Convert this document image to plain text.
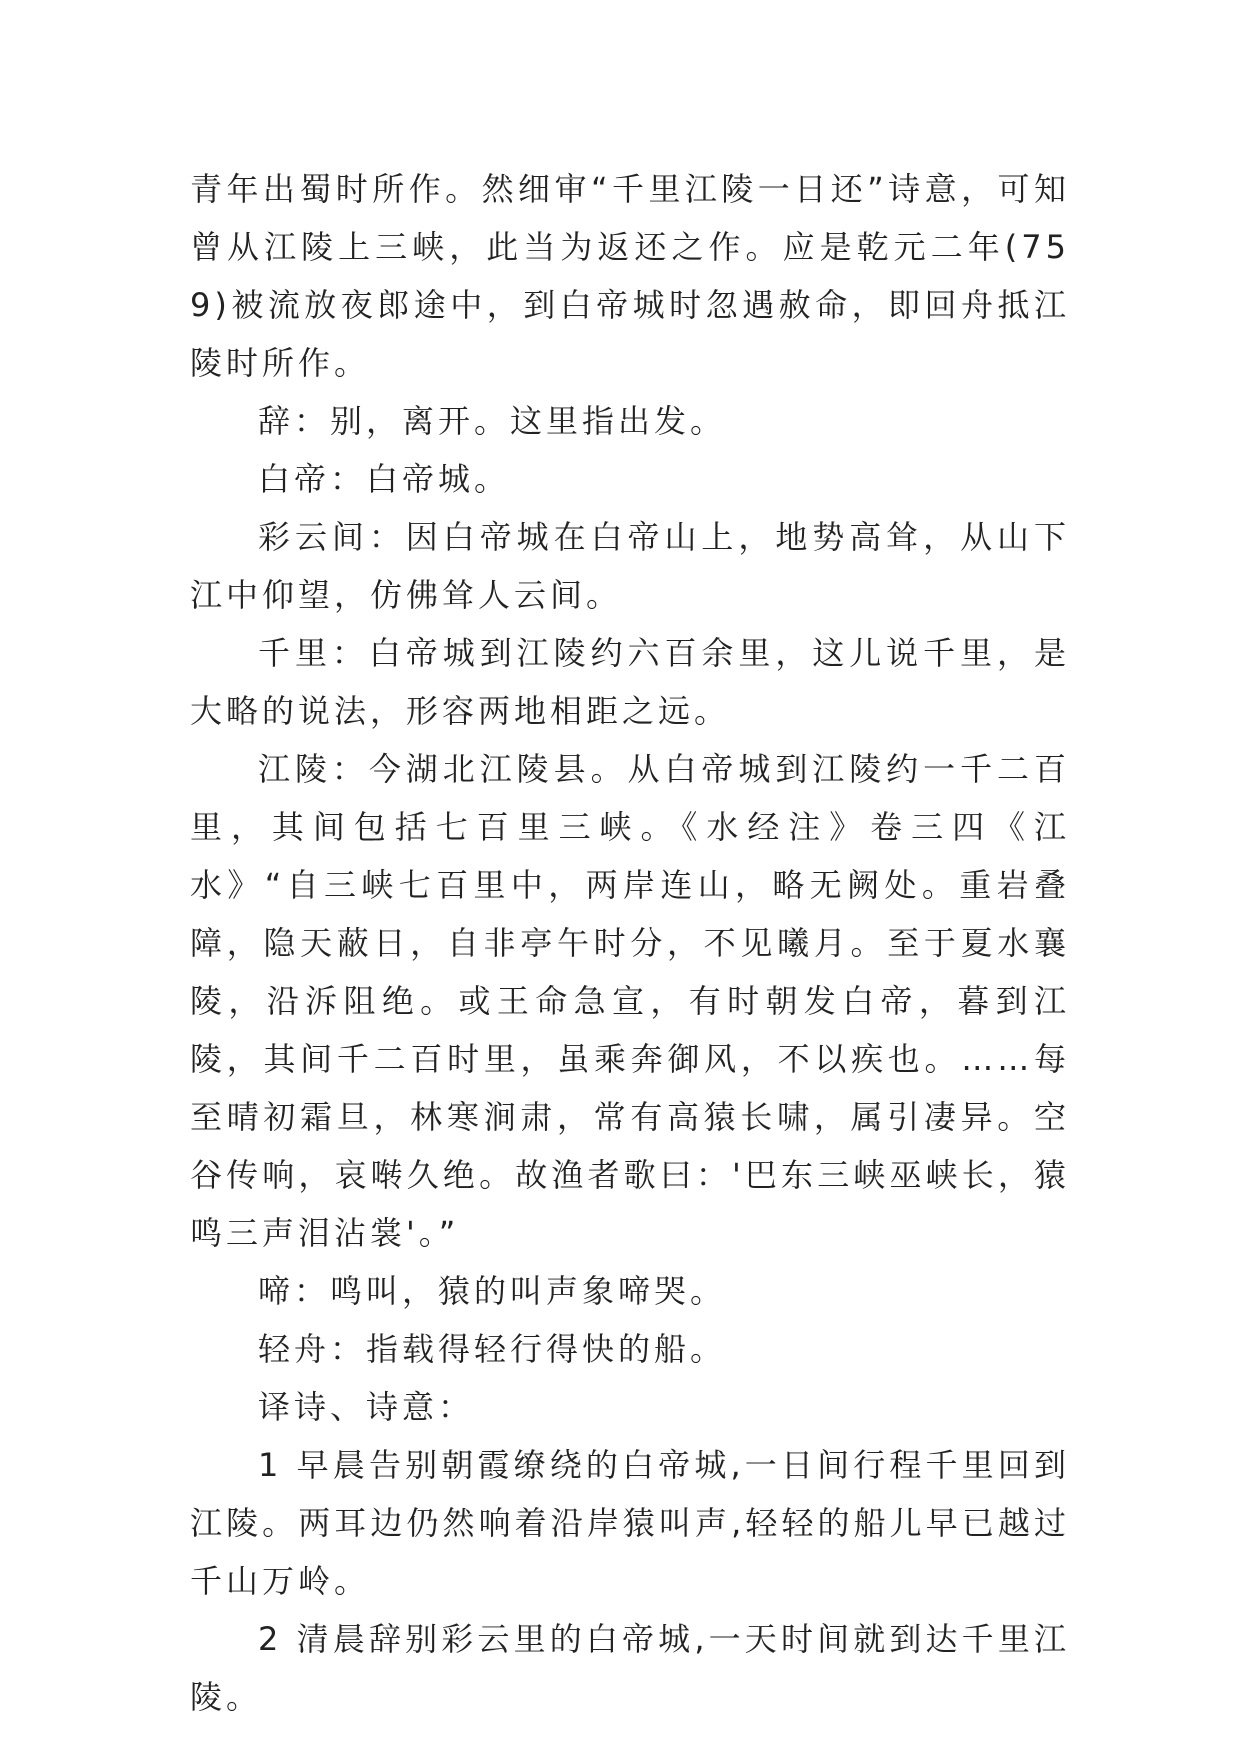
青年出蜀时所作。然细审“千里江陵一日还”诗意，可知曾从江陵上三峡，此当为返还之作。应是乾元二年(759)被流放夜郎途中，到白帝城时忽遇赦命，即回舟抵江陵时所作。

辞：别，离开。这里指出发。

白帝：白帝城。

彩云间：因白帝城在白帝山上，地势高耸，从山下江中仰望，仿佛耸人云间。

千里：白帝城到江陵约六百余里，这儿说千里，是大略的说法，形容两地相距之远。

江陵：今湖北江陵县。从白帝城到江陵约一千二百里，其间包括七百里三峡。《水经注》卷三四《江水》“自三峡七百里中，两岸连山，略无阙处。重岩叠障，隐天蔽日，自非亭午时分，不见曦月。至于夏水襄陵，沿泝阻绝。或王命急宣，有时朝发白帝，暮到江陵，其间千二百时里，虽乘奔御风，不以疾也。……每至晴初霜旦，林寒涧肃，常有高猿长啸，属引凄异。空谷传响，哀啭久绝。故渔者歌曰：'巴东三峡巫峡长，猿鸣三声泪沾裳'。”

啼：鸣叫，猿的叫声象啼哭。

轻舟：指载得轻行得快的船。

译诗、诗意：

1 早晨告别朝霞缭绕的白帝城,一日间行程千里回到江陵。两耳边仍然响着沿岸猿叫声,轻轻的船儿早已越过千山万岭。

2 清晨辞别彩云里的白帝城,一天时间就到达千里江陵。
